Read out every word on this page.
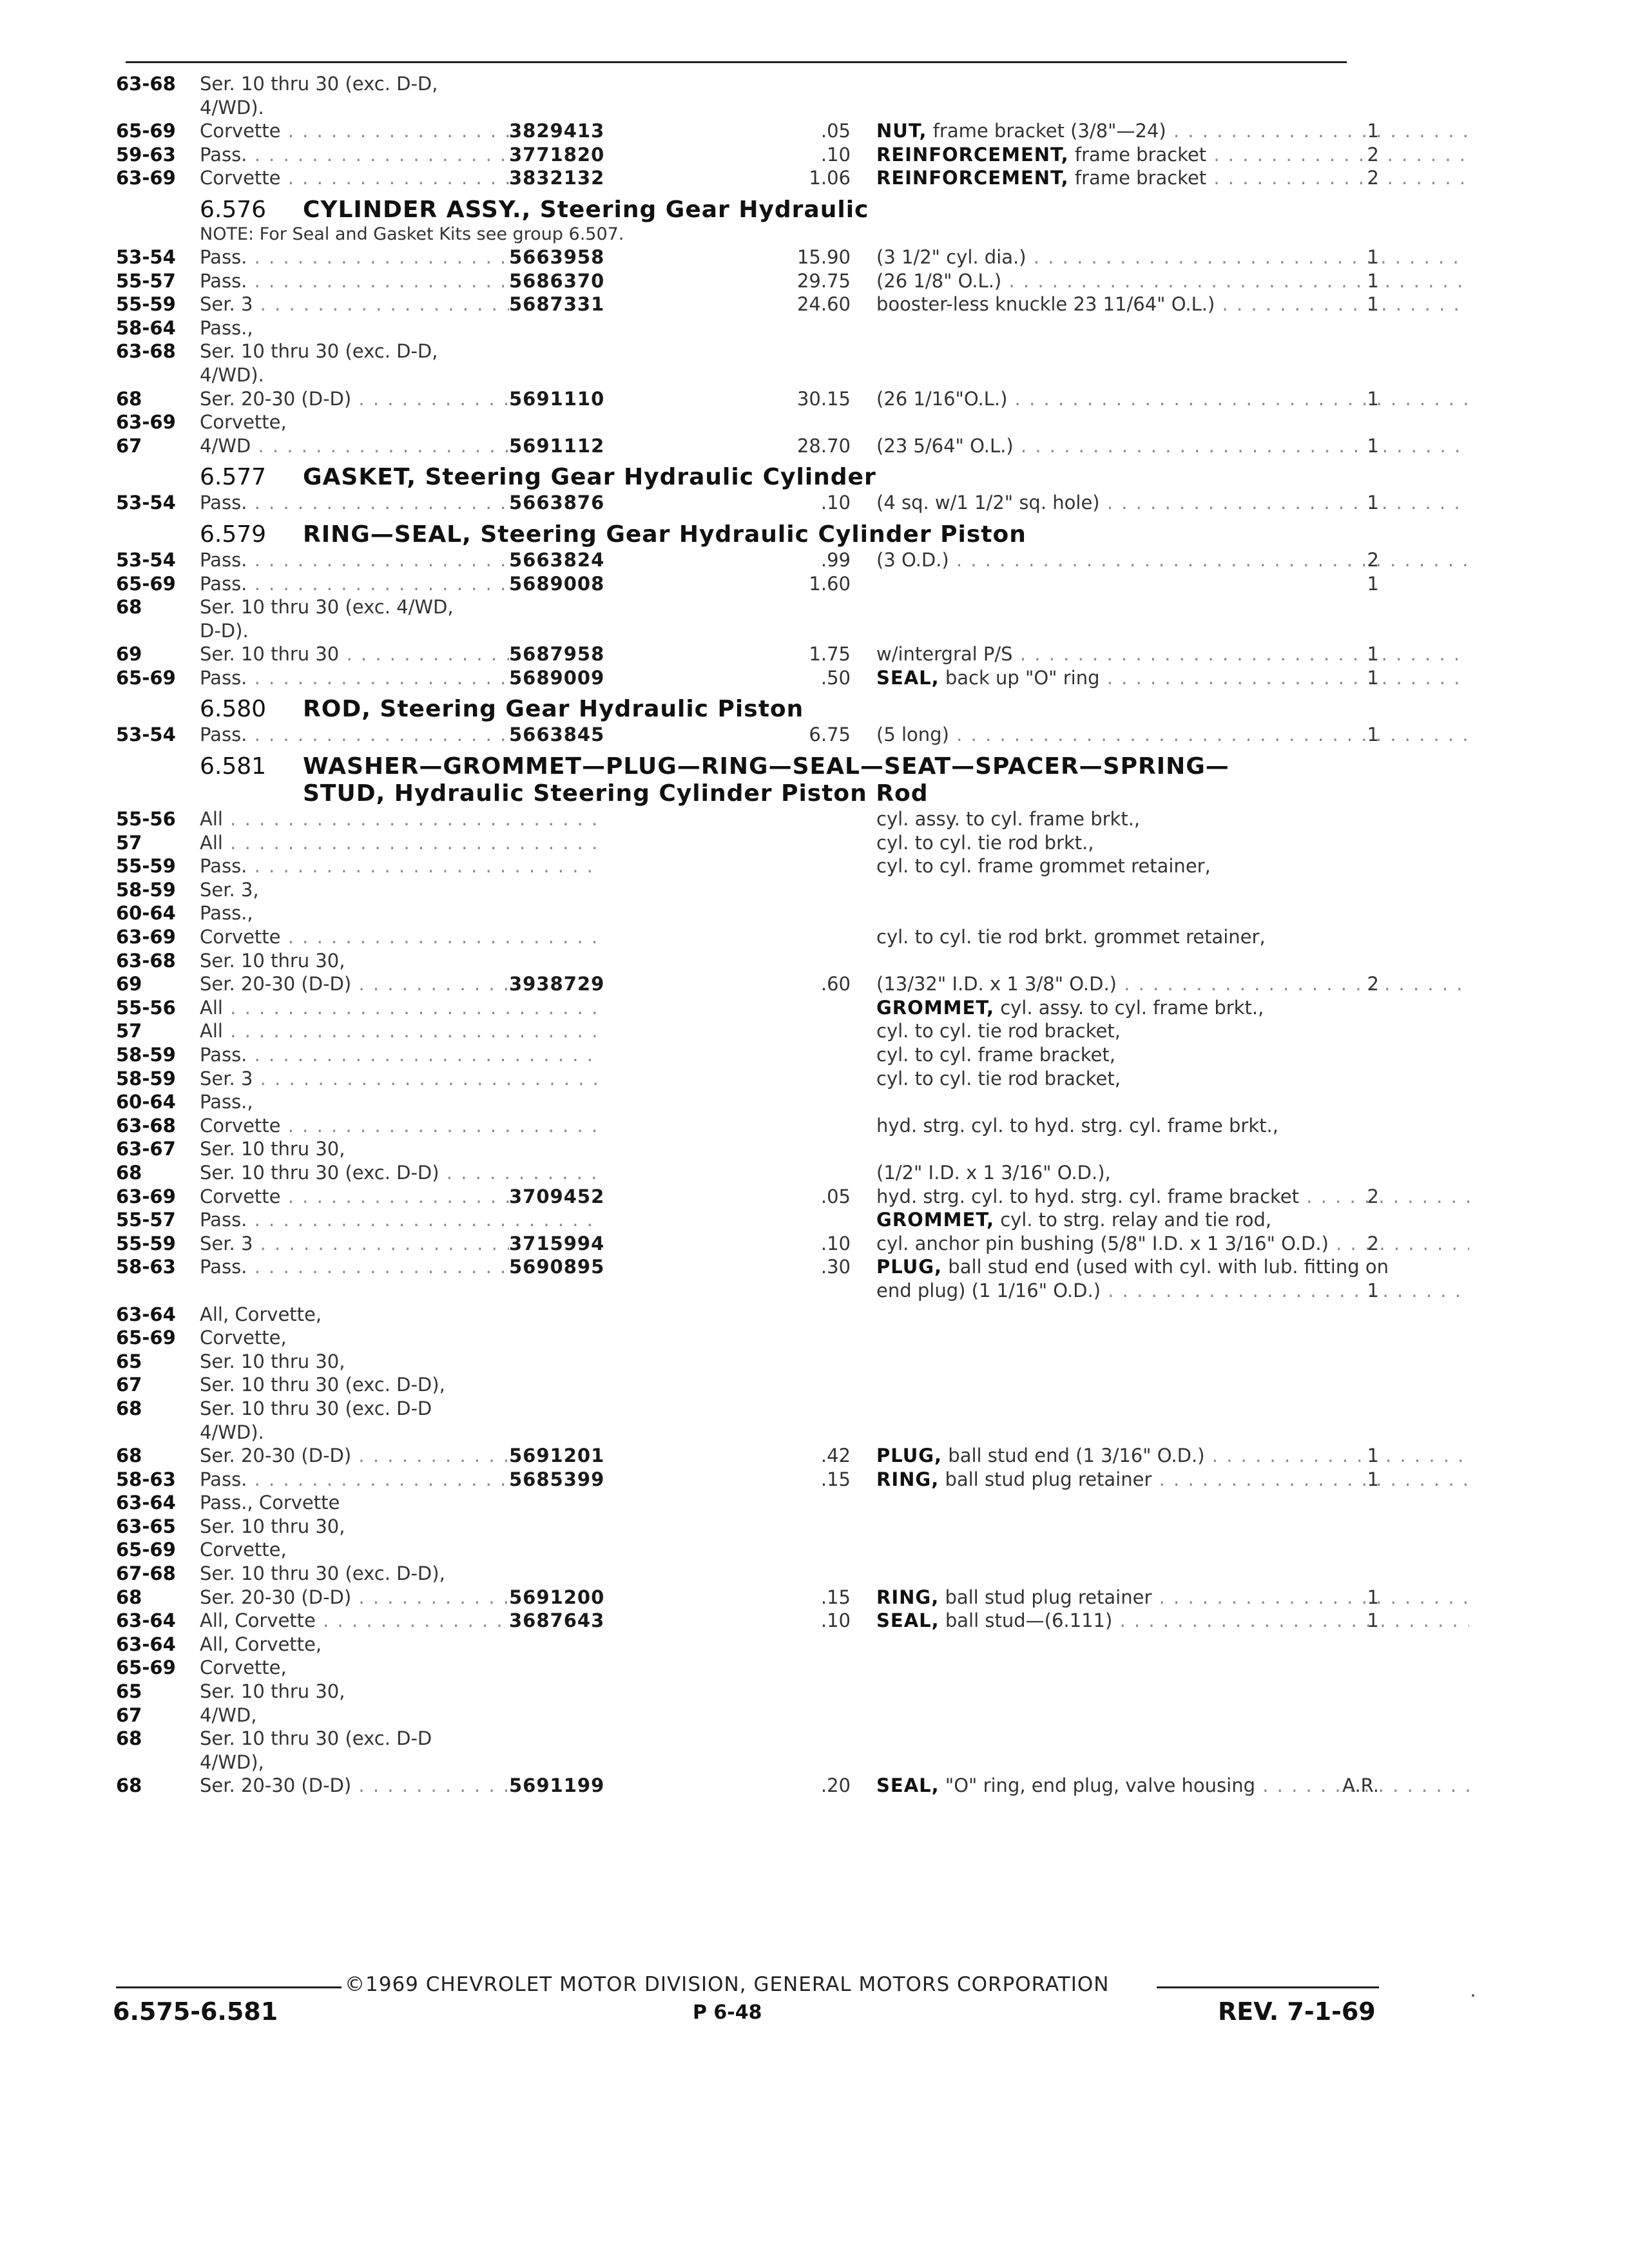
63-68 Ser. 10 thru 30 (exc. D-D,
4/WD).
65-69 Corvette . . .	3829413	.05 NUT, frame bracket (3/8"—24) . . .	1
59-63 Pass. . . .	3771820	.10 REINFORCEMENT, frame bracket . . .	2
63-69 Corvette . . .	3832132	1.06 REINFORCEMENT, frame bracket . . .	2
6.576 CYLINDER ASSY., Steering Gear Hydraulic
NOTE: For Seal and Gasket Kits see group 6.507.
53-54 Pass. . . .	5663958	15.90 (3 1/2" cyl. dia.) . . .	1
55-57 Pass. . . .	5686370	29.75 (26 1/8" O.L.) . . .	1
55-59 Ser. 3 . . .	5687331	24.60 booster-less knuckle 23 11/64" O.L.) . . .	1
58-64 Pass.,
63-68 Ser. 10 thru 30 (exc. D-D,
4/WD).
68	Ser. 20-30 (D-D) . . .	5691110	30.15 (26 1/16"O.L.) . . .	1
63-69 Corvette,
67	4/WD . . .	5691112	28.70 (23 5/64" O.L.) . . .	1
6.577 GASKET, Steering Gear Hydraulic Cylinder
53-54 Pass. . . .	5663876	.10 (4 sq. w/1 1/2" sq. hole) . . .	1
6.579 RING—SEAL, Steering Gear Hydraulic Cylinder Piston
53-54 Pass. . . .	5663824	.99 (3 O.D.) . . .	2
65-69 Pass. . . .	5689008	1.60	1
68	Ser. 10 thru 30 (exc. 4/WD,
D-D).
69	Ser. 10 thru 30 . . .	5687958	1.75 w/intergral P/S . . .	1
65-69 Pass. . . .	5689009	.50 SEAL, back up "O" ring . . .	1
6.580 ROD, Steering Gear Hydraulic Piston
53-54 Pass. . . .	5663845	6.75 (5 long) . . .	1
6.581 WASHER—GROMMET—PLUG—RING—SEAL—SEAT—SPACER—SPRING—
STUD, Hydraulic Steering Cylinder Piston Rod
55-56 All . . .	cyl. assy. to cyl. frame brkt.,
57	All . . .	cyl. to cyl. tie rod brkt.,
55-59 Pass. . . .	cyl. to cyl. frame grommet retainer,
58-59 Ser. 3,
60-64 Pass.,
63-69 Corvette . . .	cyl. to cyl. tie rod brkt. grommet retainer,
63-68 Ser. 10 thru 30,
69	Ser. 20-30 (D-D) . . .	3938729	.60 (13/32" I.D. x 1 3/8" O.D.) . . .	2
55-56 All . . .	GROMMET, cyl. assy. to cyl. frame brkt.,
57	All . . .	cyl. to cyl. tie rod bracket,
58-59 Pass. . . .	cyl. to cyl. frame bracket,
58-59 Ser. 3 . . .	cyl. to cyl. tie rod bracket,
60-64 Pass.,
63-68 Corvette . . .	hyd. strg. cyl. to hyd. strg. cyl. frame brkt.,
63-67 Ser. 10 thru 30,
68	Ser. 10 thru 30 (exc. D-D) . . .	(1/2" I.D. x 1 3/16" O.D.),
63-69 Corvette . . .	3709452	.05 hyd. strg. cyl. to hyd. strg. cyl. frame bracket . . .	2
55-57 Pass. . . .	GROMMET, cyl. to strg. relay and tie rod,
55-59 Ser. 3 . . .	3715994	.10 cyl. anchor pin bushing (5/8" I.D. x 1 3/16" O.D.) . . .	2
58-63 Pass. . . .	5690895	.30 PLUG, ball stud end (used with cyl. with lub. fitting on
end plug) (1 1/16" O.D.) . . .	1
63-64 All, Corvette,
65-69 Corvette,
65	Ser. 10 thru 30,
67	Ser. 10 thru 30 (exc. D-D),
68	Ser. 10 thru 30 (exc. D-D
4/WD).
68	Ser. 20-30 (D-D) . . .	5691201	.42 PLUG, ball stud end (1 3/16" O.D.) . . .	1
58-63 Pass. . . .	5685399	.15 RING, ball stud plug retainer . . .	1
63-64 Pass., Corvette
63-65 Ser. 10 thru 30,
65-69 Corvette,
67-68 Ser. 10 thru 30 (exc. D-D),
68	Ser. 20-30 (D-D) . . .	5691200	.15 RING, ball stud plug retainer . . .	1
63-64 All, Corvette . . .	3687643	.10 SEAL, ball stud—(6.111) . . .	1
63-64 All, Corvette,
65-69 Corvette,
65	Ser. 10 thru 30,
67	4/WD,
68	Ser. 10 thru 30 (exc. D-D
4/WD),
68	Ser. 20-30 (D-D) . . .	5691199	.20 SEAL, "O" ring, end plug, valve housing . . .	A.R.
©1969 CHEVROLET MOTOR DIVISION, GENERAL MOTORS CORPORATION
6.575-6.581	P 6-48	REV. 7-1-69
